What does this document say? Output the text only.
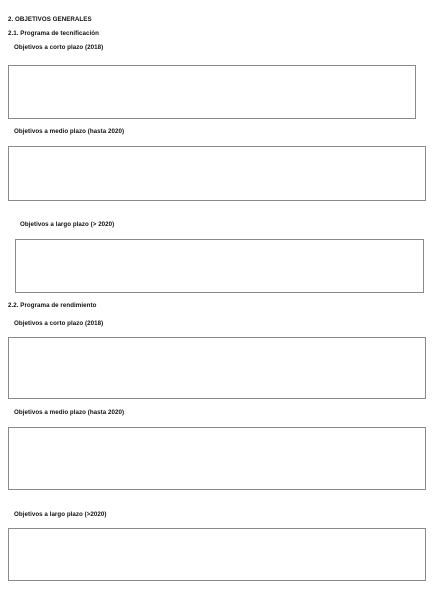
2. OBJETIVOS GENERALES
2.1. Programa de tecnificación
Objetivos a corto plazo (2018)
Objetivos a medio plazo (hasta 2020)
Objetivos a largo plazo (> 2020)
2.2. Programa de rendimiento
Objetivos a corto plazo (2018)
Objetivos a medio plazo (hasta 2020)
Objetivos a largo plazo (>2020)
